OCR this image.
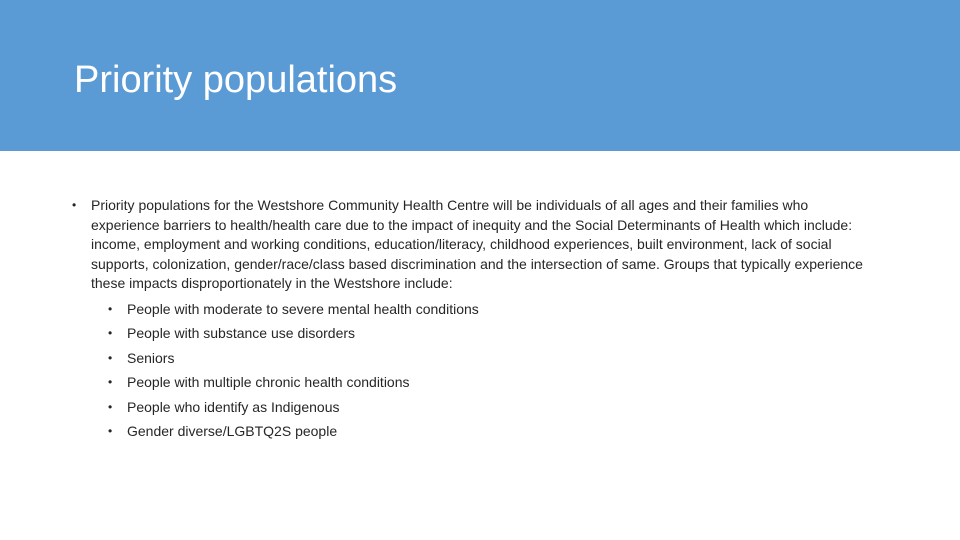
Priority populations
• Priority populations for the Westshore Community Health Centre will be individuals of all ages and their families who experience barriers to health/health care due to the impact of inequity and the Social Determinants of Health which include: income, employment and working conditions, education/literacy, childhood experiences, built environment, lack of social supports, colonization, gender/race/class based discrimination and the intersection of same. Groups that typically experience these impacts disproportionately in the Westshore include:
• People with moderate to severe mental health conditions
• People with substance use disorders
• Seniors
• People with multiple chronic health conditions
• People who identify as Indigenous
• Gender diverse/LGBTQ2S people
